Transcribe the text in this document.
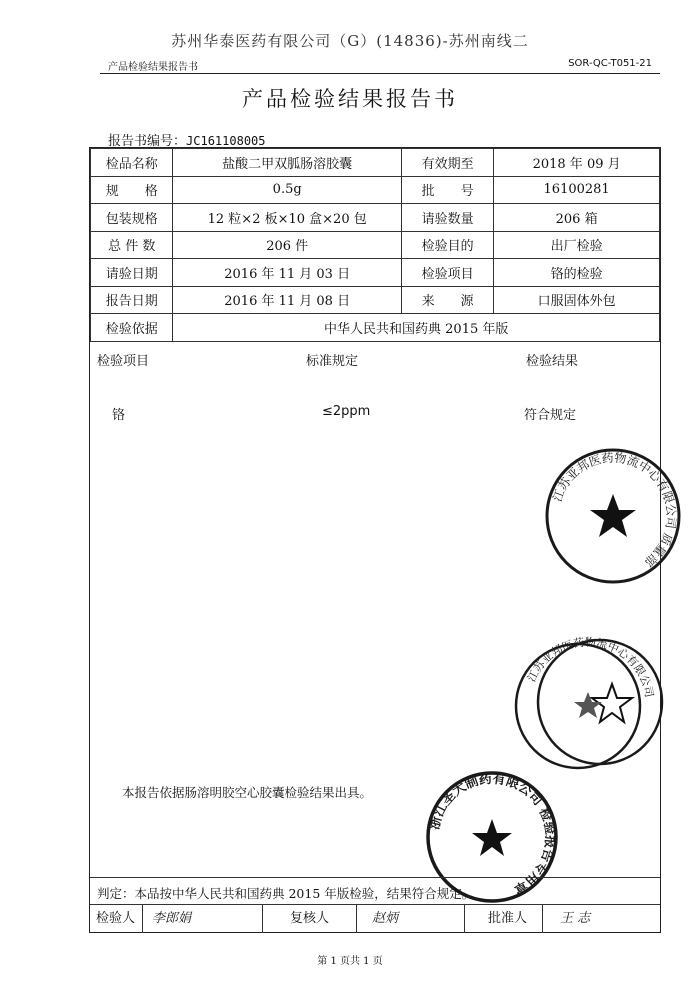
苏州华泰医药有限公司（G）(14836)-苏州南线二
产品检验结果报告书	SOR-QC-T051-21
产品检验结果报告书
报告书编号：JC161108005
检品名称	盐酸二甲双胍肠溶胶囊	有效期至	2018 年 09 月
规　　格	0.5g	批　　号	16100281
包装规格	12 粒×2 板×10 盒×20 包	请验数量	206 箱
总 件 数	206 件	检验目的	出厂检验
请验日期	2016 年 11 月 03 日	检验项目	铬的检验
报告日期	2016 年 11 月 08 日	来　　源	口服固体外包
检验依据	中华人民共和国药典 2015 年版		
检验项目	标准规定	检验结果
铬	≤2ppm	符合规定
江苏亚邦医药物流中心有限公司 质量部
江苏亚邦医药物流中心有限公司
浙江圣大制药有限公司 检验报告专用章
本报告依据肠溶明胶空心胶囊检验结果出具。
判定：本品按中华人民共和国药典 2015 年版检验，结果符合规定。
检验人 李郎娟	复核人	赵炳	批准人	王 志
第 1 页共 1 页
